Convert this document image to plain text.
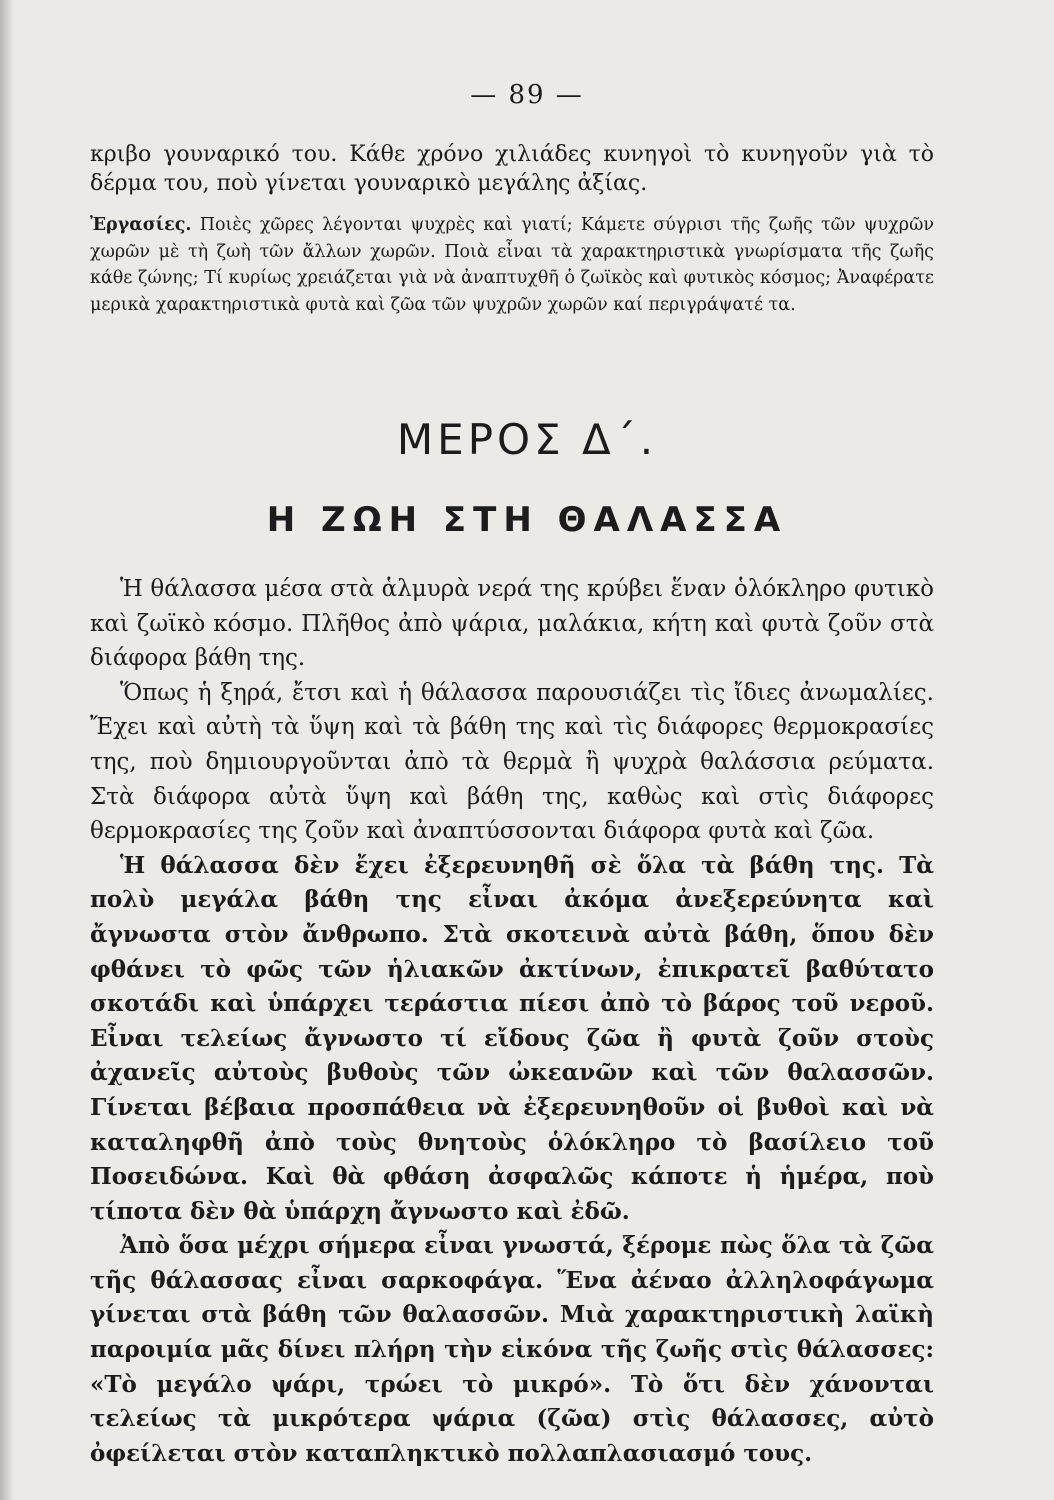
— 89 —

κριβο γουναρικό του. Κάθε χρόνο χιλιάδες κυνηγοὶ τὸ κυνηγοῦν γιὰ τὸ δέρμα του, ποὺ γίνεται γουναρικὸ μεγάλης ἀξίας.

Ἐργασίες. Ποιὲς χῶρες λέγονται ψυχρὲς καὶ γιατί; Κάμετε σύγρισι τῆς ζωῆς τῶν ψυχρῶν χωρῶν μὲ τὴ ζωὴ τῶν ἄλλων χωρῶν. Ποιὰ εἶναι τὰ χαρακτηριστικὰ γνωρίσματα τῆς ζωῆς κάθε ζώνης; Τί κυρίως χρειάζεται γιὰ νὰ ἀναπτυχθῆ ὁ ζωϊκὸς καὶ φυτικὸς κόσμος; Ἀναφέρατε μερικὰ χαρακτηριστικὰ φυτὰ καὶ ζῶα τῶν ψυχρῶν χωρῶν καί περιγράψατέ τα.

ΜΕΡΟΣ Δ΄.
Η ΖΩΗ ΣΤΗ ΘΑΛΑΣΣΑ

Ἡ θάλασσα μέσα στὰ ἁλμυρὰ νερά της κρύβει ἕναν ὁλόκληρο φυτικὸ καὶ ζωϊκὸ κόσμο. Πλῆθος ἀπὸ ψάρια, μαλάκια, κήτη καὶ φυτὰ ζοῦν στὰ διάφορα βάθη της.

Ὅπως ἡ ξηρά, ἔτσι καὶ ἡ θάλασσα παρουσιάζει τὶς ἴδιες ἀνωμαλίες. Ἔχει καὶ αὐτὴ τὰ ὕψη καὶ τὰ βάθη της καὶ τὶς διάφορες θερμοκρασίες της, ποὺ δημιουργοῦνται ἀπὸ τὰ θερμὰ ἢ ψυχρὰ θαλάσσια ρεύματα. Στὰ διάφορα αὐτὰ ὕψη καὶ βάθη της, καθὼς καὶ στὶς διάφορες θερμοκρασίες της ζοῦν καὶ ἀναπτύσσονται διάφορα φυτὰ καὶ ζῶα.

Ἡ θάλασσα δὲν ἔχει ἐξερευνηθῆ σὲ ὅλα τὰ βάθη της. Τὰ πολὺ μεγάλα βάθη της εἶναι ἀκόμα ἀνεξερεύνητα καὶ ἄγνωστα στὸν ἄνθρωπο. Στὰ σκοτεινὰ αὐτὰ βάθη, ὅπου δὲν φθάνει τὸ φῶς τῶν ἡλιακῶν ἀκτίνων, ἐπικρατεῖ βαθύτατο σκοτάδι καὶ ὑπάρχει τεράστια πίεσι ἀπὸ τὸ βάρος τοῦ νεροῦ. Εἶναι τελείως ἄγνωστο τί εἴδους ζῶα ἢ φυτὰ ζοῦν στοὺς ἀχανεῖς αὐτοὺς βυθοὺς τῶν ὠκεανῶν καὶ τῶν θαλασσῶν. Γίνεται βέβαια προσπάθεια νὰ ἐξερευνηθοῦν οἱ βυθοὶ καὶ νὰ καταληφθῆ ἀπὸ τοὺς θνητοὺς ὁλόκληρο τὸ βασίλειο τοῦ Ποσειδώνα. Καὶ θὰ φθάση ἀσφαλῶς κάποτε ἡ ἡμέρα, ποὺ τίποτα δὲν θὰ ὑπάρχη ἄγνωστο καὶ ἐδῶ.

Ἀπὸ ὅσα μέχρι σήμερα εἶναι γνωστά, ξέρομε πὼς ὅλα τὰ ζῶα τῆς θάλασσας εἶναι σαρκοφάγα. Ἕνα ἀέναο ἀλληλοφάγωμα γίνεται στὰ βάθη τῶν θαλασσῶν. Μιὰ χαρακτηριστικὴ λαϊκὴ παροιμία μᾶς δίνει πλήρη τὴν εἰκόνα τῆς ζωῆς στὶς θάλασσες: «Τὸ μεγάλο ψάρι, τρώει τὸ μικρό». Τὸ ὅτι δὲν χάνονται τελείως τὰ μικρότερα ψάρια (ζῶα) στὶς θάλασσες, αὐτὸ ὀφείλεται στὸν καταπληκτικὸ πολλαπλασιασμό τους.
